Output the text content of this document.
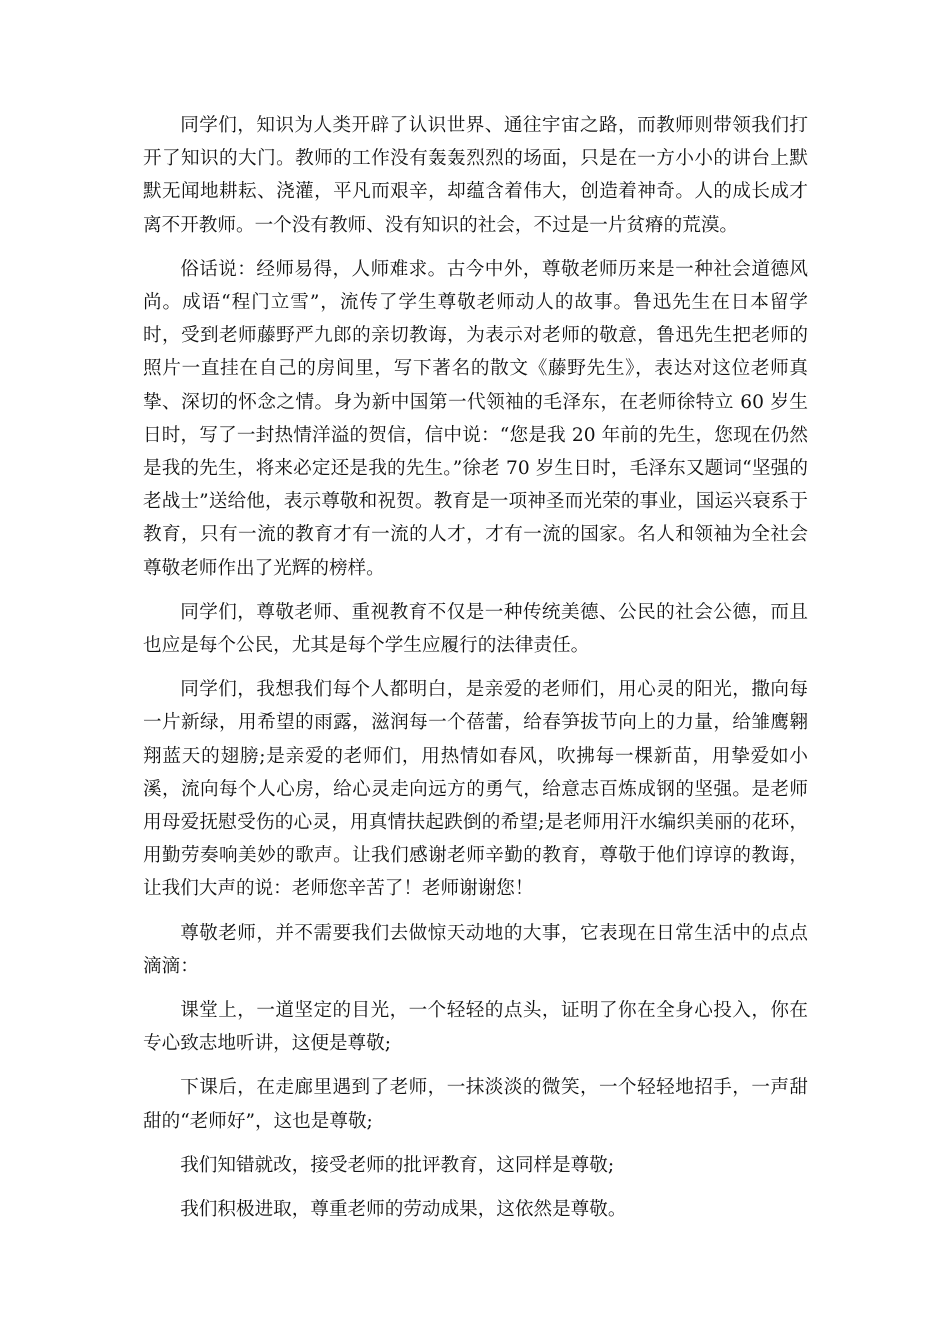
同学们，知识为人类开辟了认识世界、通往宇宙之路，而教师则带领我们打开了知识的大门。教师的工作没有轰轰烈烈的场面，只是在一方小小的讲台上默默无闻地耕耘、浇灌，平凡而艰辛，却蕴含着伟大，创造着神奇。人的成长成才离不开教师。一个没有教师、没有知识的社会，不过是一片贫瘠的荒漠。

俗话说：经师易得，人师难求。古今中外，尊敬老师历来是一种社会道德风尚。成语“程门立雪”，流传了学生尊敬老师动人的故事。鲁迅先生在日本留学时，受到老师藤野严九郎的亲切教诲，为表示对老师的敬意，鲁迅先生把老师的照片一直挂在自己的房间里，写下著名的散文《藤野先生》，表达对这位老师真挚、深切的怀念之情。身为新中国第一代领袖的毛泽东，在老师徐特立 60 岁生日时，写了一封热情洋溢的贺信，信中说：“您是我 20 年前的先生，您现在仍然是我的先生，将来必定还是我的先生。”徐老 70 岁生日时，毛泽东又题词“坚强的老战士”送给他，表示尊敬和祝贺。教育是一项神圣而光荣的事业，国运兴衰系于教育，只有一流的教育才有一流的人才，才有一流的国家。名人和领袖为全社会尊敬老师作出了光辉的榜样。

同学们，尊敬老师、重视教育不仅是一种传统美德、公民的社会公德，而且也应是每个公民，尤其是每个学生应履行的法律责任。

同学们，我想我们每个人都明白，是亲爱的老师们，用心灵的阳光，撒向每一片新绿，用希望的雨露，滋润每一个蓓蕾，给春笋拔节向上的力量，给雏鹰翱翔蓝天的翅膀;是亲爱的老师们，用热情如春风，吹拂每一棵新苗，用挚爱如小溪，流向每个人心房，给心灵走向远方的勇气，给意志百炼成钢的坚强。是老师用母爱抚慰受伤的心灵，用真情扶起跌倒的希望;是老师用汗水编织美丽的花环，用勤劳奏响美妙的歌声。让我们感谢老师辛勤的教育，尊敬于他们谆谆的教诲，让我们大声的说：老师您辛苦了！老师谢谢您！

尊敬老师，并不需要我们去做惊天动地的大事，它表现在日常生活中的点点滴滴：

课堂上，一道坚定的目光，一个轻轻的点头，证明了你在全身心投入，你在专心致志地听讲，这便是尊敬;

下课后，在走廊里遇到了老师，一抹淡淡的微笑，一个轻轻地招手，一声甜甜的“老师好”，这也是尊敬;

我们知错就改，接受老师的批评教育，这同样是尊敬;

我们积极进取，尊重老师的劳动成果，这依然是尊敬。
